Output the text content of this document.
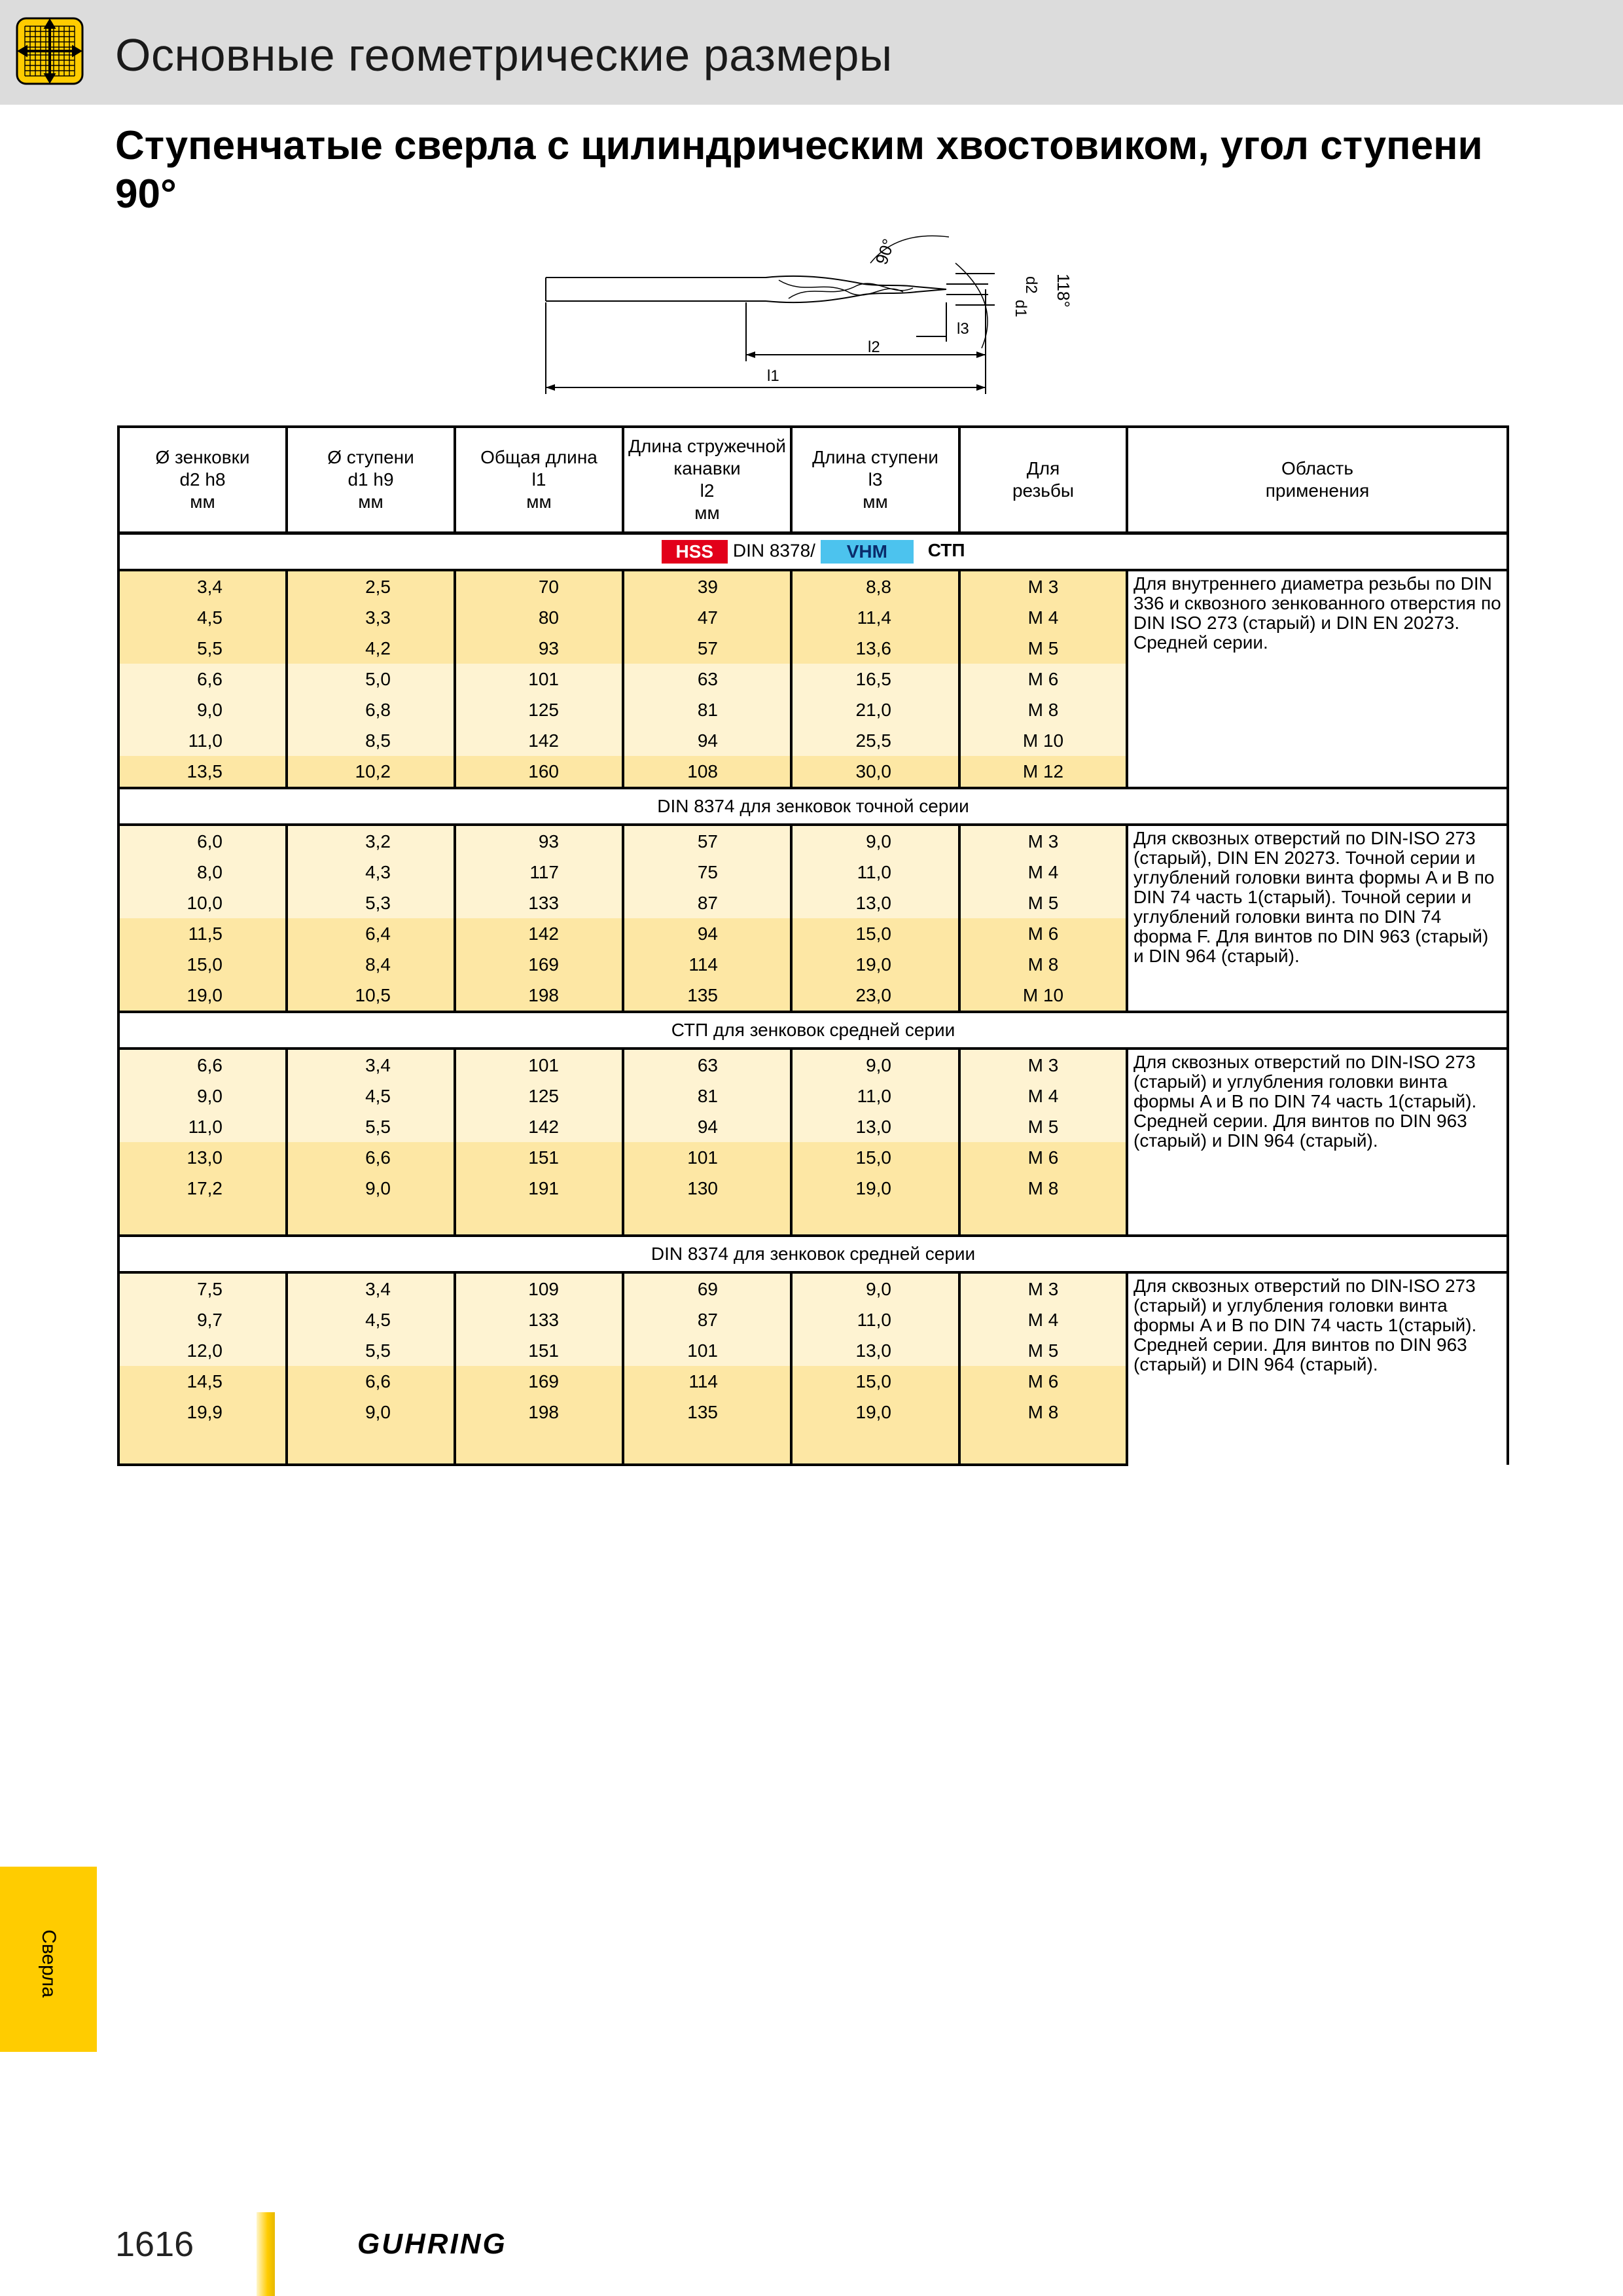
Основные геометрические размеры
Ступенчатые сверла с цилиндрическим хвостовиком, угол ступени 90°
90°
118°
d2
d1
l3
l2
l1
Ø зенковки
d2 h8
мм	Ø ступени
d1 h9
мм	Общая длина
l1
мм	Длина стружечной
канавки
l2
мм	Длина ступени
l3
мм	Для
резьбы	Область
применения
HSS DIN 8378/ VHM СТП						
3,4	2,5	70	39	8,8	M 3	Для внутреннего диаметра резьбы по DIN 336 и сквозного зенкованного отверстия по DIN ISO 273 (старый) и DIN EN 20273. Средней серии.
4,5	3,3	80	47	11,4	M 4	
5,5	4,2	93	57	13,6	M 5	
6,6	5,0	101	63	16,5	M 6	
9,0	6,8	125	81	21,0	M 8	
11,0	8,5	142	94	25,5	M 10	
13,5	10,2	160	108	30,0	M 12	
DIN 8374 для зенковок точной серии						
6,0	3,2	93	57	9,0	M 3	Для сквозных отверстий по DIN-ISO 273 (старый), DIN EN 20273. Точной серии и углублений головки винта формы A и B по DIN 74 часть 1(старый). Точной серии и углублений головки винта по DIN 74 форма F. Для винтов по DIN 963 (старый) и DIN 964 (старый).
8,0	4,3	117	75	11,0	M 4	
10,0	5,3	133	87	13,0	M 5	
11,5	6,4	142	94	15,0	M 6	
15,0	8,4	169	114	19,0	M 8	
19,0	10,5	198	135	23,0	M 10	
СТП для зенковок средней серии						
6,6	3,4	101	63	9,0	M 3	Для сквозных отверстий по DIN-ISO 273 (старый) и углубления головки винта формы A и B по DIN 74 часть 1(старый). Средней серии. Для винтов по DIN 963 (старый) и DIN 964 (старый).
9,0	4,5	125	81	11,0	M 4	
11,0	5,5	142	94	13,0	M 5	
13,0	6,6	151	101	15,0	M 6	
17,2	9,0	191	130	19,0	M 8	

DIN 8374 для зенковок средней серии						
7,5	3,4	109	69	9,0	M 3	Для сквозных отверстий по DIN-ISO 273 (старый) и углубления головки винта формы A и B по DIN 74 часть 1(старый). Средней серии. Для винтов по DIN 963 (старый) и DIN 964 (старый).
9,7	4,5	133	87	11,0	M 4	
12,0	5,5	151	101	13,0	M 5	
14,5	6,6	169	114	15,0	M 6	
19,9	9,0	198	135	19,0	M 8	

Сверла
1616	GUHRING
